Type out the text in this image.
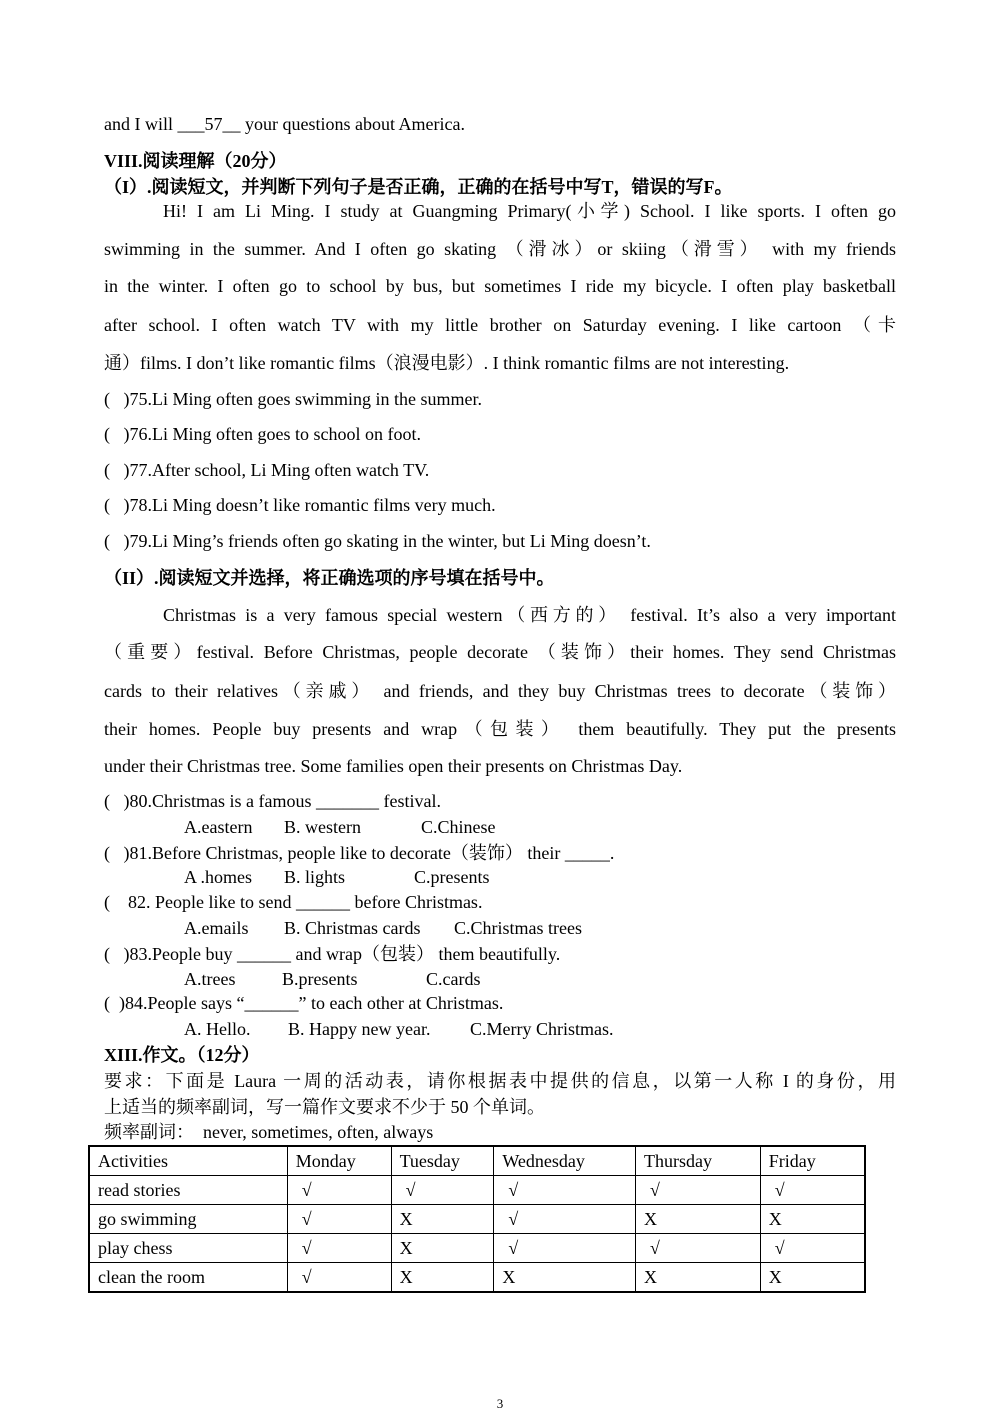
and I will ___57__ your questions about America.
VIII.阅读理解（20分）
（I）.阅读短文，并判断下列句子是否正确，正确的在括号中写T，错误的写F。
Hi! I am Li Ming. I study at Guangming Primary(小学) School. I like sports. I often go
swimming in the summer. And I often go skating （滑冰）or skiing（滑雪） with my friends
in the winter. I often go to school by bus, but sometimes I ride my bicycle. I often play basketball
after school. I often watch TV with my little brother on Saturday evening. I like cartoon （卡
通）films. I don’t like romantic films（浪漫电影）. I think romantic films are not interesting.
(   )75.Li Ming often goes swimming in the summer.
(   )76.Li Ming often goes to school on foot.
(   )77.After school, Li Ming often watch TV.
(   )78.Li Ming doesn’t like romantic films very much.
(   )79.Li Ming’s friends often go skating in the winter, but Li Ming doesn’t.
（II）.阅读短文并选择，将正确选项的序号填在括号中。
Christmas is a very famous special western（西方的） festival. It’s also a very important
（重要）festival. Before Christmas, people decorate （装饰）their homes. They send Christmas
cards to their relatives（亲戚） and friends, and they buy Christmas trees to decorate（装饰）
their homes. People buy presents and wrap（包装） them beautifully. They put the presents
under their Christmas tree. Some families open their presents on Christmas Day.
(   )80.Christmas is a famous _______ festival.
A.eastern B. western	C.Chinese
(   )81.Before Christmas, people like to decorate（装饰） their _____.
A .homes B. lights	C.presents
(    82. People like to send ______ before Christmas.
A.emails B. Christmas cards C.Christmas trees
(   )83.People buy ______ and wrap（包装） them beautifully.
A.trees	B.presents	C.cards
(  )84.People says “______” to each other at Christmas.
A. Hello. B. Happy new year. C.Merry Christmas.
XIII.作文。（12分）
要求：下面是 Laura 一周的活动表，请你根据表中提供的信息，以第一人称 I 的身份，用
上适当的频率副词，写一篇作文要求不少于 50 个单词。
频率副词：  never, sometimes, often, always
Activities	Monday	Tuesday	Wednesday	Thursday	Friday
read stories	√	√	√	√	√
go swimming	√	X	√	X	X
play chess	√	X	√	√	√
clean the room	√	X	X	X	X
3
